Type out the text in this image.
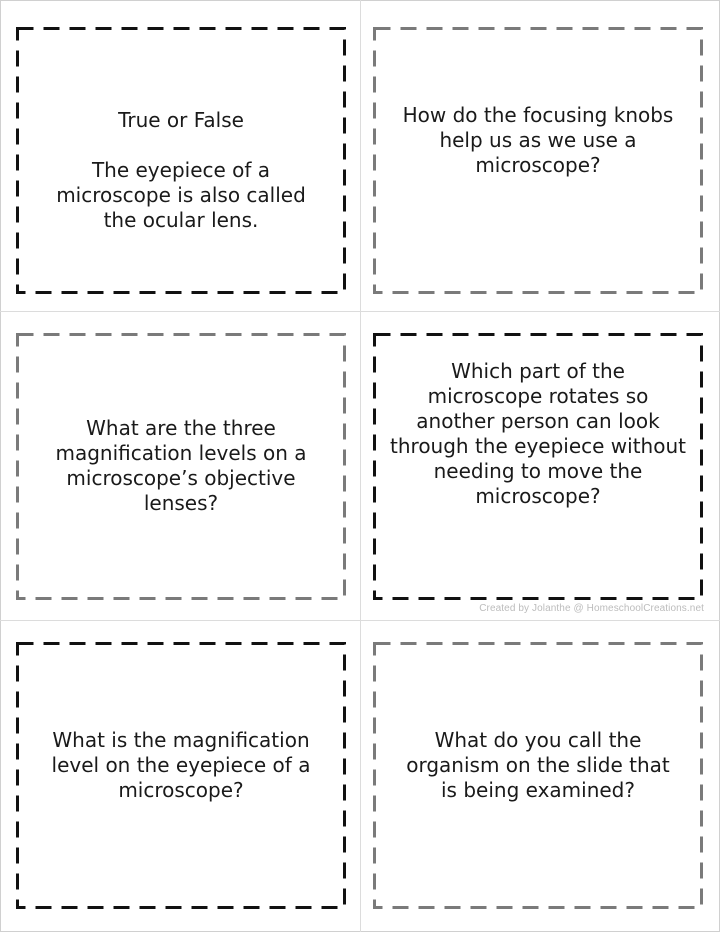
True or False
The eyepiece of a
microscope is also called
the ocular lens.

How do the focusing knobs
help us as we use a
microscope?
What are the three
magnification levels on a
microscope’s objective
lenses?
Which part of the
microscope rotates so
another person can look
through the eyepiece without
needing to move the
microscope?
What is the magnification
level on the eyepiece of a
microscope?
What do you call the
organism on the slide that
is being examined?
Created by Jolanthe @ HomeschoolCreations.net
